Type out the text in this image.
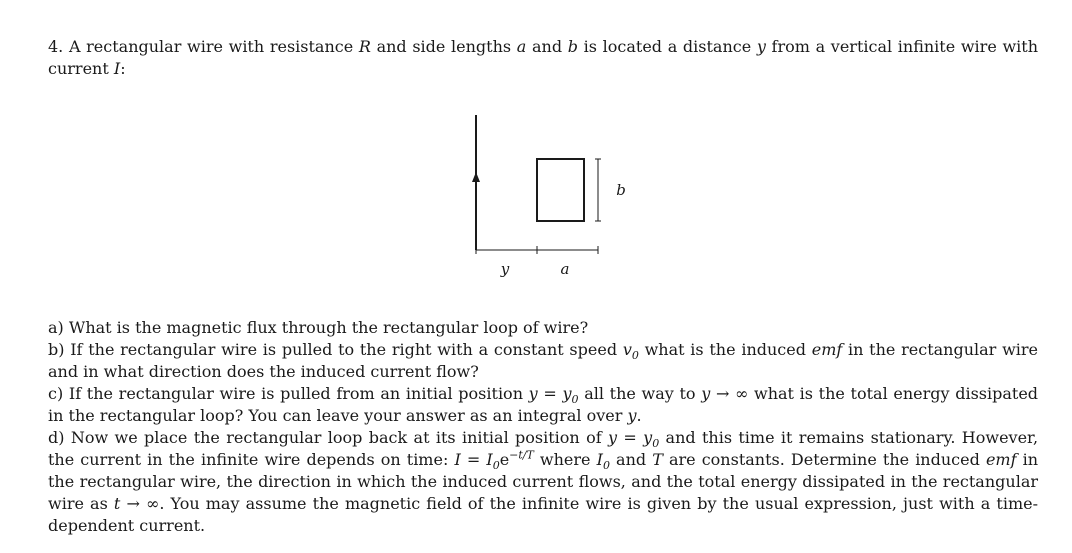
4. A rectangular wire with resistance R and side lengths a and b is located a distance y from a vertical infinite wire with current I:
b
y	a

a) What is the magnetic flux through the rectangular loop of wire?

b) If the rectangular wire is pulled to the right with a constant speed $v_0$ what is the induced emf in the rectangular wire and in what direction does the induced current flow?

c) If the rectangular wire is pulled from an initial position $y = y_0$ all the way to y → ∞ what is the total energy dissipated in the rectangular loop? You can leave your answer as an integral over y.

d) Now we place the rectangular loop back at its initial position of $y = y_0$ and this time it remains stationary. However, the current in the infinite wire depends on time: $I = I_0e^{-t/T}$ where $I_0$ and T are constants. Determine the induced emf in the rectangular wire, the direction in which the induced current flows, and the total energy dissipated in the rectangular wire as t → ∞. You may assume the magnetic field of the infinite wire is given by the usual expression, just with a time-dependent current.
